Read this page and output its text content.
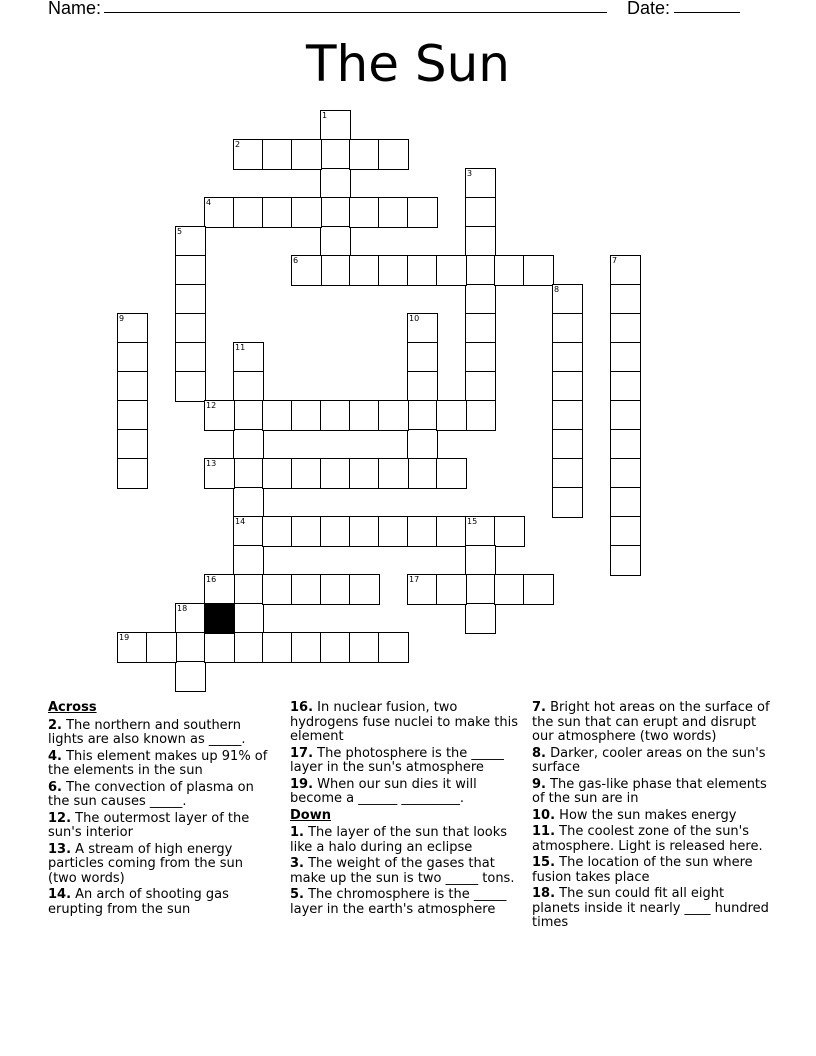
Name:	Date:
The Sun
1
2
3
4
5
6	7
8
9	10
11
14
12
13
15
16	17
18
19
Across
2. The northern and southern lights are also known as _____.
4. This element makes up 91% of the elements in the sun
6. The convection of plasma on the sun causes _____.
12. The outermost layer of the sun's interior
13. A stream of high energy particles coming from the sun (two words)
14. An arch of shooting gas erupting from the sun
16. In nuclear fusion, two hydrogens fuse nuclei to make this element
17. The photosphere is the _____ layer in the sun's atmosphere
19. When our sun dies it will become a ______ _________.
Down
1. The layer of the sun that looks like a halo during an eclipse
3. The weight of the gases that make up the sun is two _____ tons.
5. The chromosphere is the _____ layer in the earth's atmosphere
7. Bright hot areas on the surface of the sun that can erupt and disrupt our atmosphere (two words)
8. Darker, cooler areas on the sun's surface
9. The gas-like phase that elements of the sun are in
10. How the sun makes energy
11. The coolest zone of the sun's atmosphere. Light is released here.
15. The location of the sun where fusion takes place
18. The sun could fit all eight planets inside it nearly ____ hundred times
